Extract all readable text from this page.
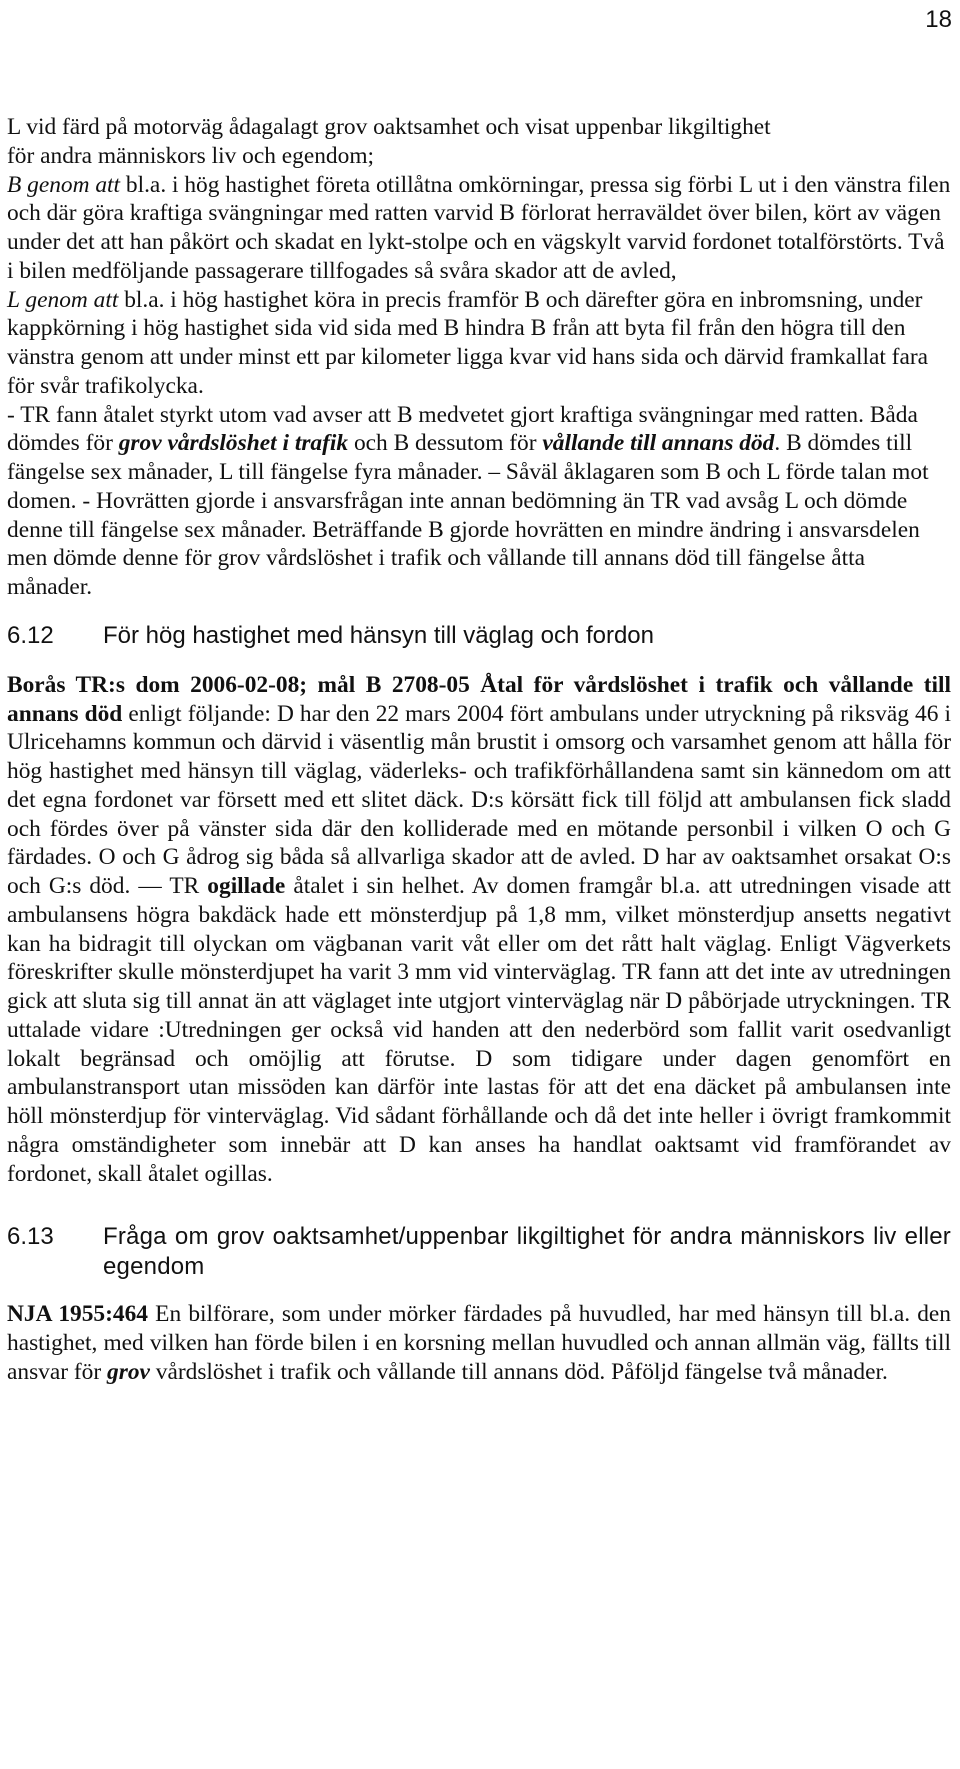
18

L vid färd på motorväg ådagalagt grov oaktsamhet och visat uppenbar likgiltighet

för andra människors liv och egendom;

B genom att bl.a. i hög hastighet företa otillåtna omkörningar, pressa sig förbi L ut i den vänstra filen och där göra kraftiga svängningar med ratten varvid B förlorat herraväldet över bilen, kört av vägen under det att han påkört och skadat en lykt-stolpe och en vägskylt varvid fordonet totalförstörts. Två i bilen medföljande passagerare tillfogades så svåra skador att de avled,

L genom att bl.a. i hög hastighet köra in precis framför B och därefter göra en inbromsning, under kappkörning i hög hastighet sida vid sida med B hindra B från att byta fil från den högra till den vänstra genom att under minst ett par kilometer ligga kvar vid hans sida och därvid framkallat fara för svår trafikolycka.

- TR fann åtalet styrkt utom vad avser att B medvetet gjort kraftiga svängningar med ratten. Båda dömdes för grov vårdslöshet i trafik och B dessutom för vållande till annans död. B dömdes till fängelse sex månader, L till fängelse fyra månader. – Såväl åklagaren som B och L förde talan mot domen. - Hovrätten gjorde i ansvarsfrågan inte annan bedömning än TR vad avsåg L och dömde denne till fängelse sex månader. Beträffande B gjorde hovrätten en mindre ändring i ansvarsdelen men dömde denne för grov vårdslöshet i trafik och vållande till annans död till fängelse åtta månader.

6.12	För hög hastighet med hänsyn till väglag och fordon

Borås TR:s dom 2006-02-08; mål B 2708-05 Åtal för vårdslöshet i trafik och vållande till annans död enligt följande: D har den 22 mars 2004 fört ambulans under utryckning på riksväg 46 i Ulricehamns kommun och därvid i väsentlig mån brustit i omsorg och varsamhet genom att hålla för hög hastighet med hänsyn till väglag, väderleks- och trafikförhållandena samt sin kännedom om att det egna fordonet var försett med ett slitet däck. D:s körsätt fick till följd att ambulansen fick sladd och fördes över på vänster sida där den kolliderade med en mötande personbil i vilken O och G färdades. O och G ådrog sig båda så allvarliga skador att de avled. D har av oaktsamhet orsakat O:s och G:s död. — TR ogillade åtalet i sin helhet. Av domen framgår bl.a. att utredningen visade att ambulansens högra bakdäck hade ett mönsterdjup på 1,8 mm, vilket mönsterdjup ansetts negativt kan ha bidragit till olyckan om vägbanan varit våt eller om det rått halt väglag. Enligt Vägverkets föreskrifter skulle mönsterdjupet ha varit 3 mm vid vinterväglag. TR fann att det inte av utredningen gick att sluta sig till annat än att väglaget inte utgjort vinterväglag när D påbörjade utryckningen. TR uttalade vidare :Utredningen ger också vid handen att den nederbörd som fallit varit osedvanligt lokalt begränsad och omöjlig att förutse. D som tidigare under dagen genomfört en ambulanstransport utan missöden kan därför inte lastas för att det ena däcket på ambulansen inte höll mönsterdjup för vinterväglag. Vid sådant förhållande och då det inte heller i övrigt framkommit några omständigheter som innebär att D kan anses ha handlat oaktsamt vid framförandet av fordonet, skall åtalet ogillas.

6.13	Fråga om grov oaktsamhet/uppenbar likgiltighet för andra människors liv eller egendom

NJA 1955:464 En bilförare, som under mörker färdades på huvudled, har med hänsyn till bl.a. den hastighet, med vilken han förde bilen i en korsning mellan huvudled och annan allmän väg, fällts till ansvar för grov vårdslöshet i trafik och vållande till annans död. Påföljd fängelse två månader.
